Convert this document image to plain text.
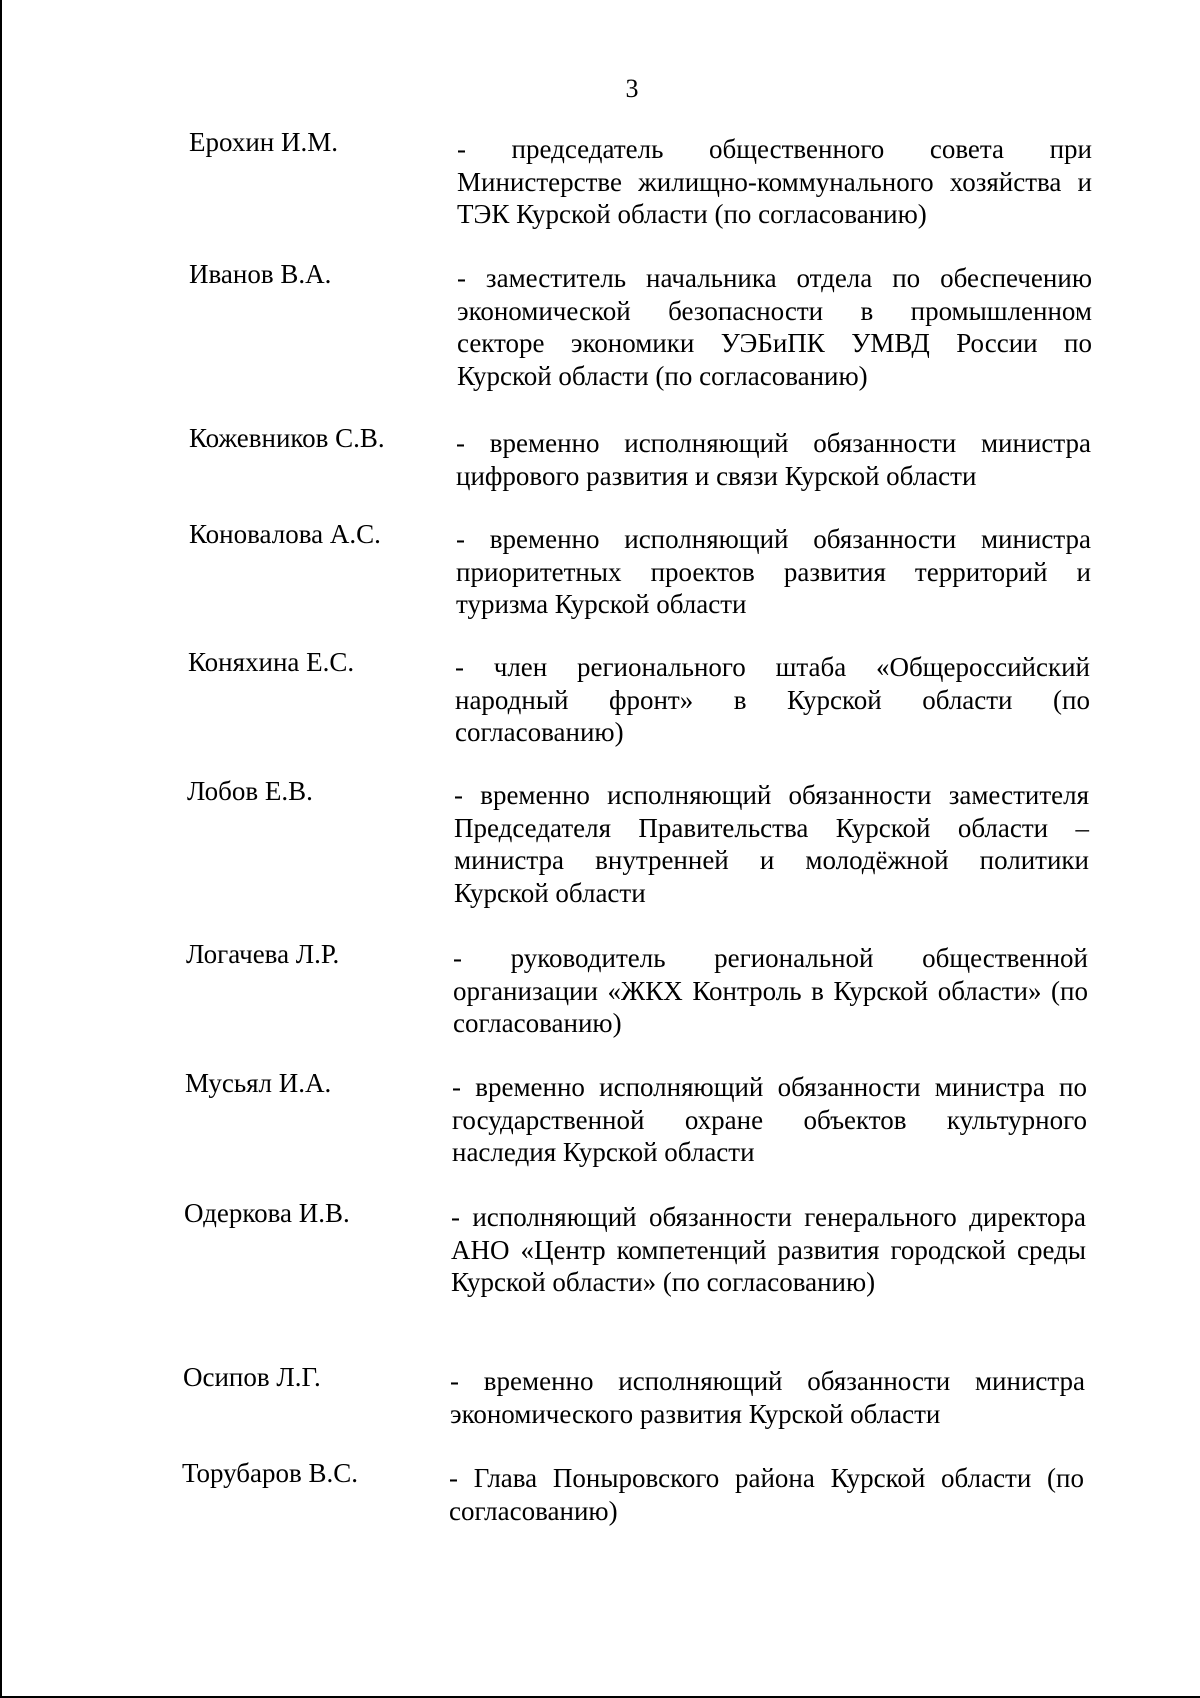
3
Ерохин И.М.	- председатель общественного совета при Министерстве жилищно-коммунального хозяйства и ТЭК Курской области (по согласованию)
Иванов В.А.	- заместитель начальника отдела по обеспечению экономической безопасности в промышленном секторе экономики УЭБиПК УМВД России по Курской области (по согласованию)
Кожевников С.В.	- временно исполняющий обязанности министра цифрового развития и связи Курской области
Коновалова А.С.	- временно исполняющий обязанности министра приоритетных проектов развития территорий и туризма Курской области
Коняхина Е.С.	- член регионального штаба «Общероссийский народный фронт» в Курской области (по согласованию)
Лобов Е.В.	- временно исполняющий обязанности заместителя Председателя Правительства Курской области – министра внутренней и молодёжной политики Курской области
Логачева Л.Р.	- руководитель региональной общественной организации «ЖКХ Контроль в Курской области» (по согласованию)
Мусьял И.А.	- временно исполняющий обязанности министра по государственной охране объектов культурного наследия Курской области
Одеркова И.В.	- исполняющий обязанности генерального директора АНО «Центр компетенций развития городской среды Курской области» (по согласованию)
Осипов Л.Г.	- временно исполняющий обязанности министра экономического развития Курской области
Торубаров В.С.	- Глава Поныровского района Курской области (по согласованию)
